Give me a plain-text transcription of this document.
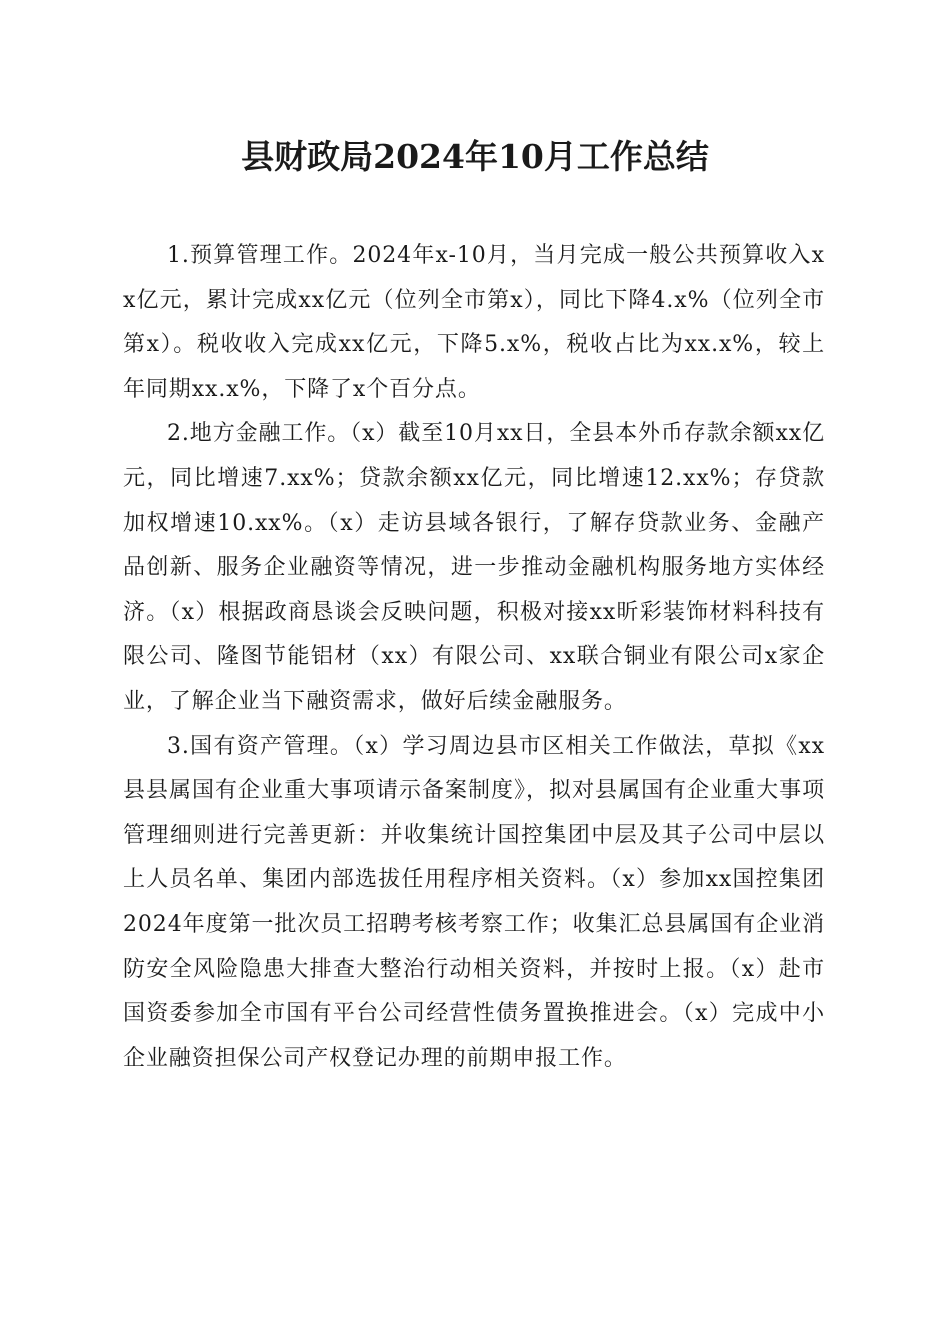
县财政局2024年10月工作总结

1.预算管理工作。2024年x-10月，当月完成一般公共预算收入xx亿元，累计完成xx亿元（位列全市第x），同比下降4.x%（位列全市第x）。税收收入完成xx亿元，下降5.x%，税收占比为xx.x%，较上年同期xx.x%，下降了x个百分点。

2.地方金融工作。（x）截至10月xx日，全县本外币存款余额xx亿元，同比增速7.xx%；贷款余额xx亿元，同比增速12.xx%；存贷款加权增速10.xx%。（x）走访县域各银行，了解存贷款业务、金融产品创新、服务企业融资等情况，进一步推动金融机构服务地方实体经济。（x）根据政商恳谈会反映问题，积极对接xx昕彩装饰材料科技有限公司、隆图节能铝材（xx）有限公司、xx联合铜业有限公司x家企业，了解企业当下融资需求，做好后续金融服务。

3.国有资产管理。（x）学习周边县市区相关工作做法，草拟《xx县县属国有企业重大事项请示备案制度》，拟对县属国有企业重大事项管理细则进行完善更新：并收集统计国控集团中层及其子公司中层以上人员名单、集团内部选拔任用程序相关资料。（x）参加xx国控集团2024年度第一批次员工招聘考核考察工作；收集汇总县属国有企业消防安全风险隐患大排查大整治行动相关资料，并按时上报。（x）赴市国资委参加全市国有平台公司经营性债务置换推进会。（x）完成中小企业融资担保公司产权登记办理的前期申报工作。
